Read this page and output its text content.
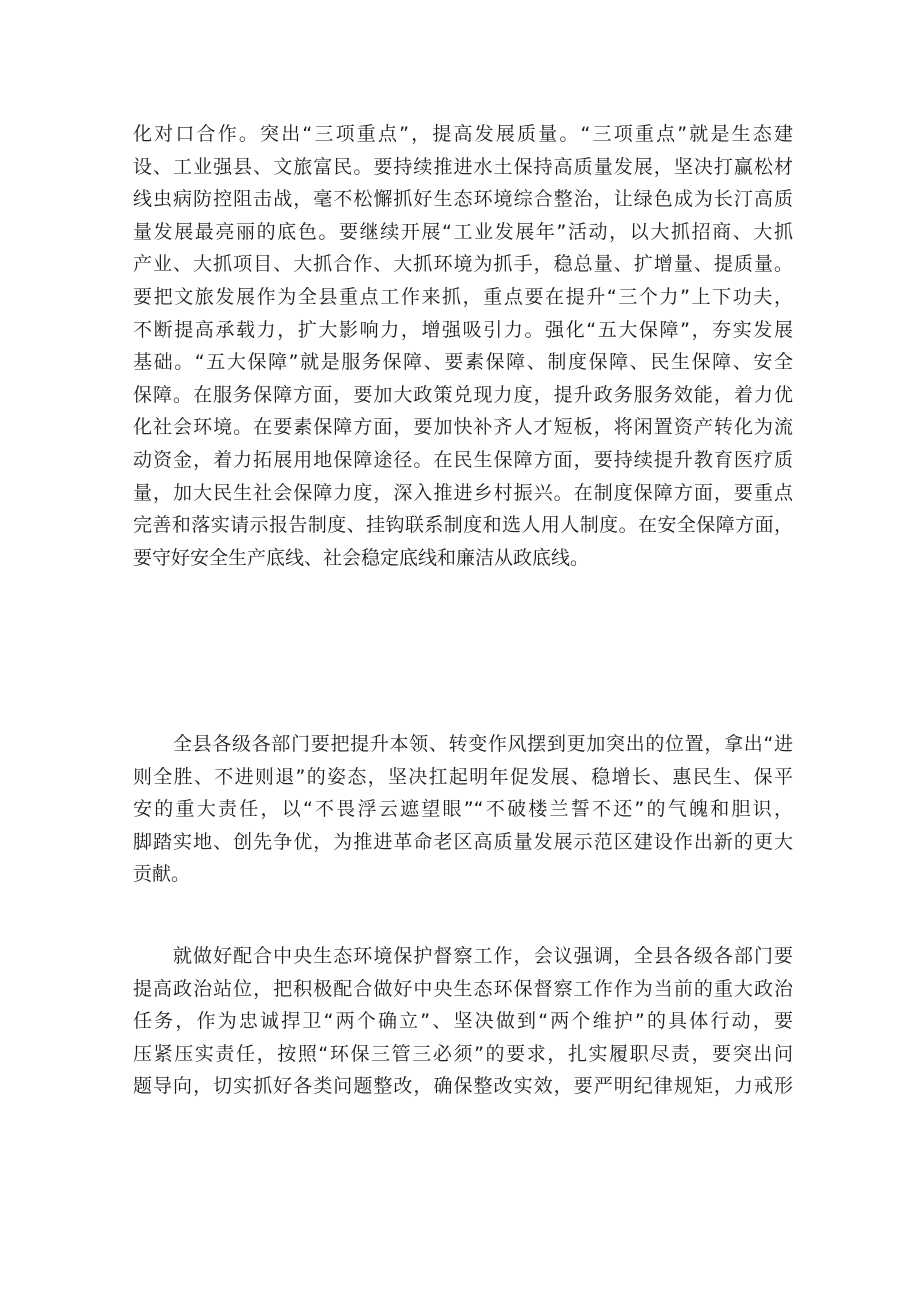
化对口合作。突出“三项重点”，提高发展质量。“三项重点”就是生态建
设、工业强县、文旅富民。要持续推进水土保持高质量发展，坚决打赢松材
线虫病防控阻击战，毫不松懈抓好生态环境综合整治，让绿色成为长汀高质
量发展最亮丽的底色。要继续开展“工业发展年”活动，以大抓招商、大抓
产业、大抓项目、大抓合作、大抓环境为抓手，稳总量、扩增量、提质量。
要把文旅发展作为全县重点工作来抓，重点要在提升“三个力”上下功夫，
不断提高承载力，扩大影响力，增强吸引力。强化“五大保障”，夯实发展
基础。“五大保障”就是服务保障、要素保障、制度保障、民生保障、安全
保障。在服务保障方面，要加大政策兑现力度，提升政务服务效能，着力优
化社会环境。在要素保障方面，要加快补齐人才短板，将闲置资产转化为流
动资金，着力拓展用地保障途径。在民生保障方面，要持续提升教育医疗质
量，加大民生社会保障力度，深入推进乡村振兴。在制度保障方面，要重点
完善和落实请示报告制度、挂钩联系制度和选人用人制度。在安全保障方面，
要守好安全生产底线、社会稳定底线和廉洁从政底线。
全县各级各部门要把提升本领、转变作风摆到更加突出的位置，拿出“进
则全胜、不进则退”的姿态，坚决扛起明年促发展、稳增长、惠民生、保平
安的重大责任，以“不畏浮云遮望眼”“不破楼兰誓不还”的气魄和胆识，
脚踏实地、创先争优，为推进革命老区高质量发展示范区建设作出新的更大
贡献。
就做好配合中央生态环境保护督察工作，会议强调，全县各级各部门要
提高政治站位，把积极配合做好中央生态环保督察工作作为当前的重大政治
任务，作为忠诚捍卫“两个确立”、坚决做到“两个维护”的具体行动，要
压紧压实责任，按照“环保三管三必须”的要求，扎实履职尽责，要突出问
题导向，切实抓好各类问题整改，确保整改实效，要严明纪律规矩，力戒形
